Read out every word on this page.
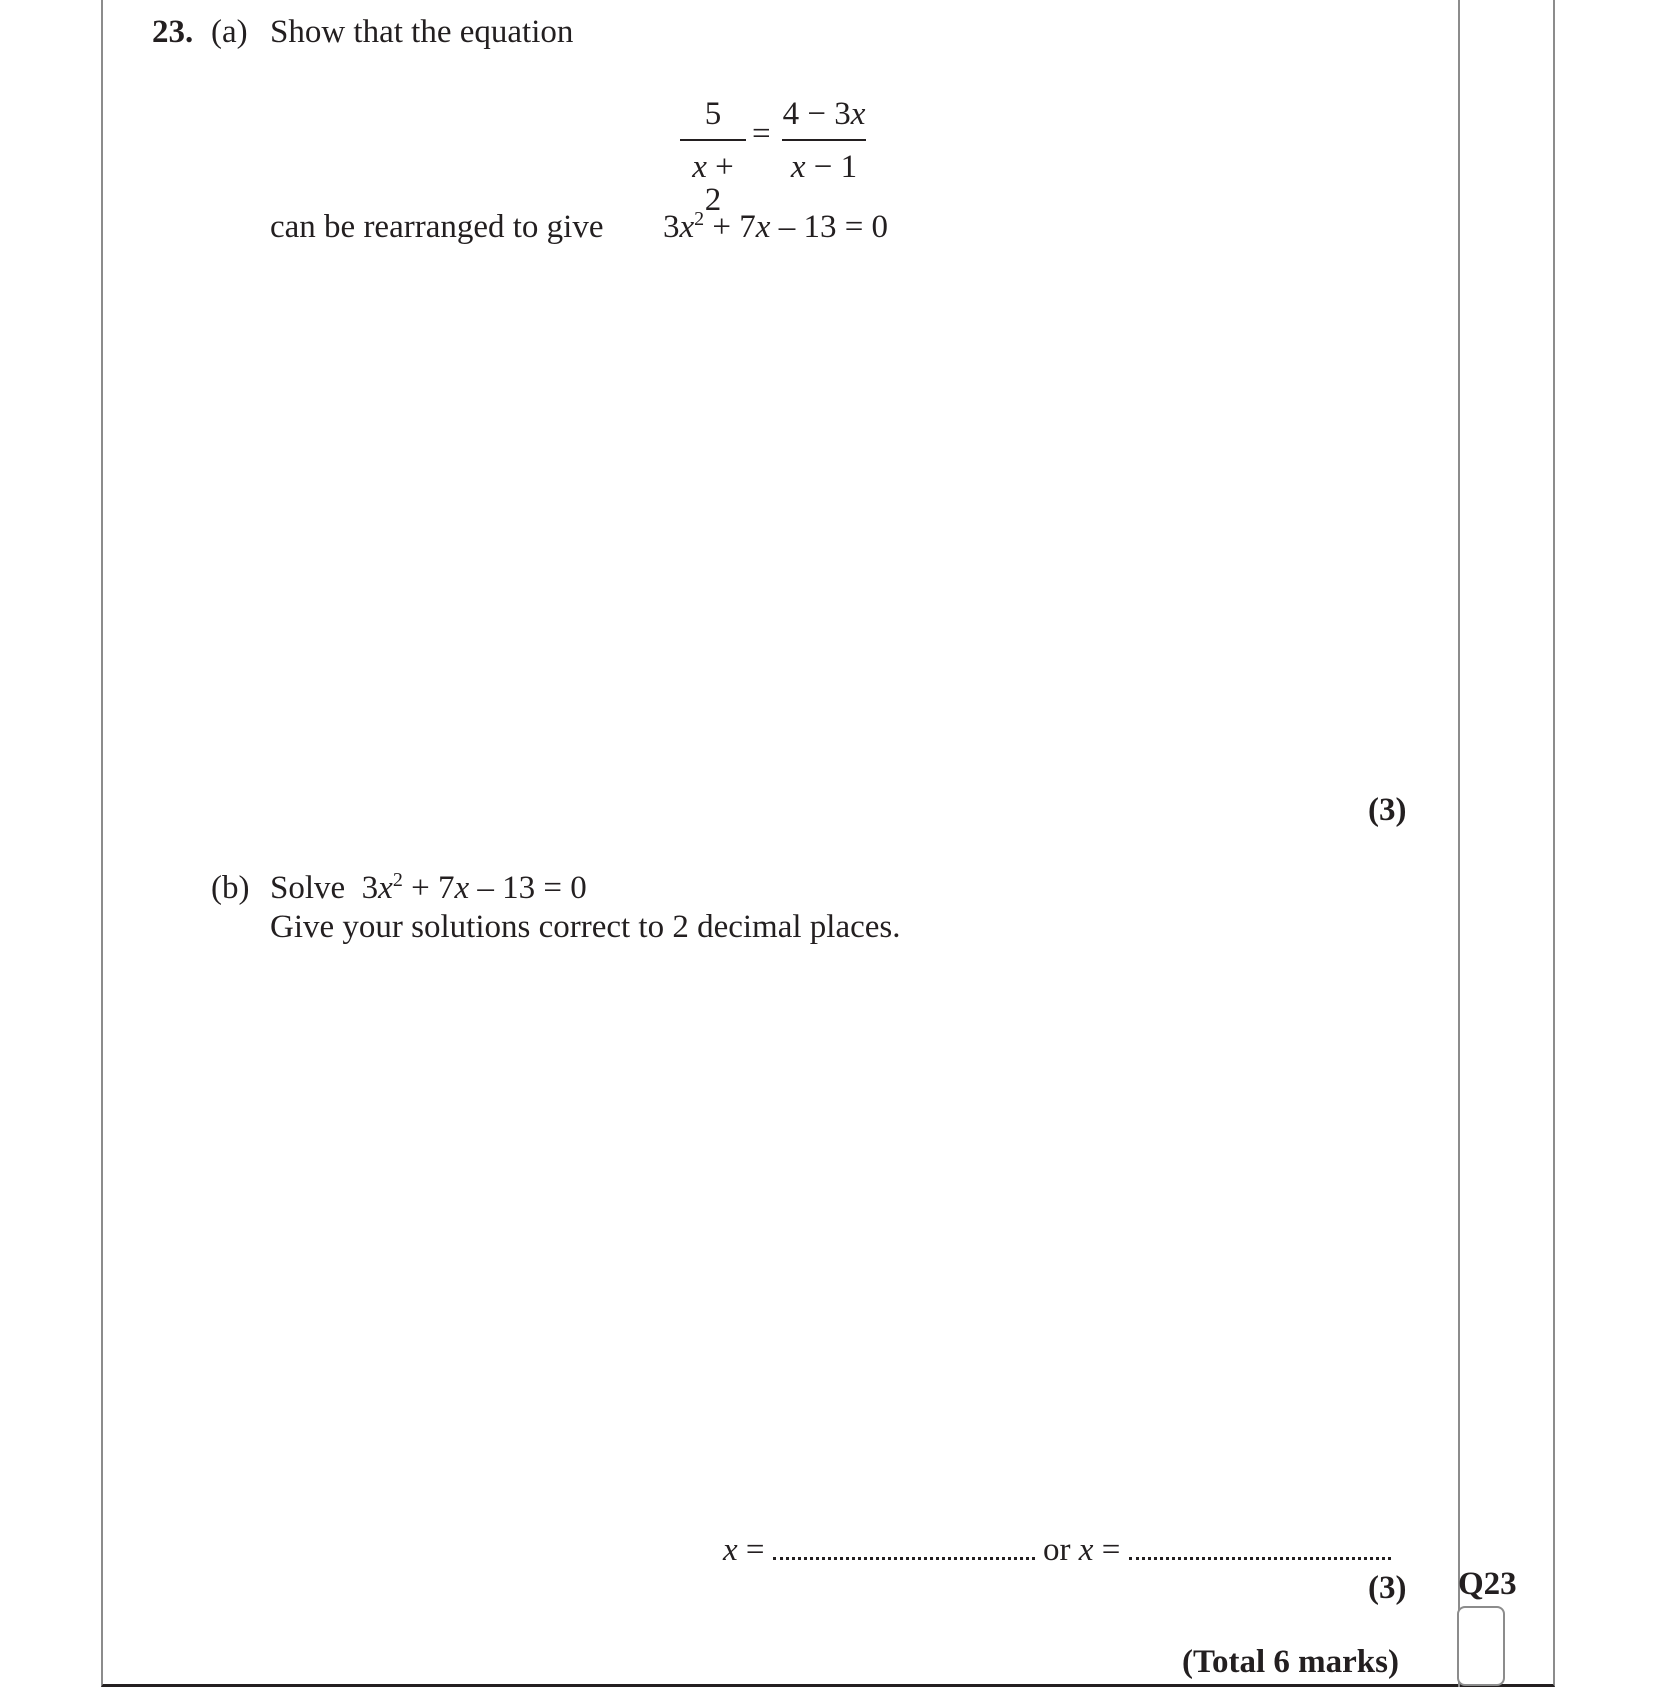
23. (a) Show that the equation
5
x + 2
=
4 − 3x
x − 1
can be rearranged to give $3x^2 + 7x - 13 = 0$
(3)
(b) Solve $3x^2 + 7x - 13 = 0$
Give your solutions correct to 2 decimal places.
x =	or x =
(3) Q23
(Total 6 marks)
